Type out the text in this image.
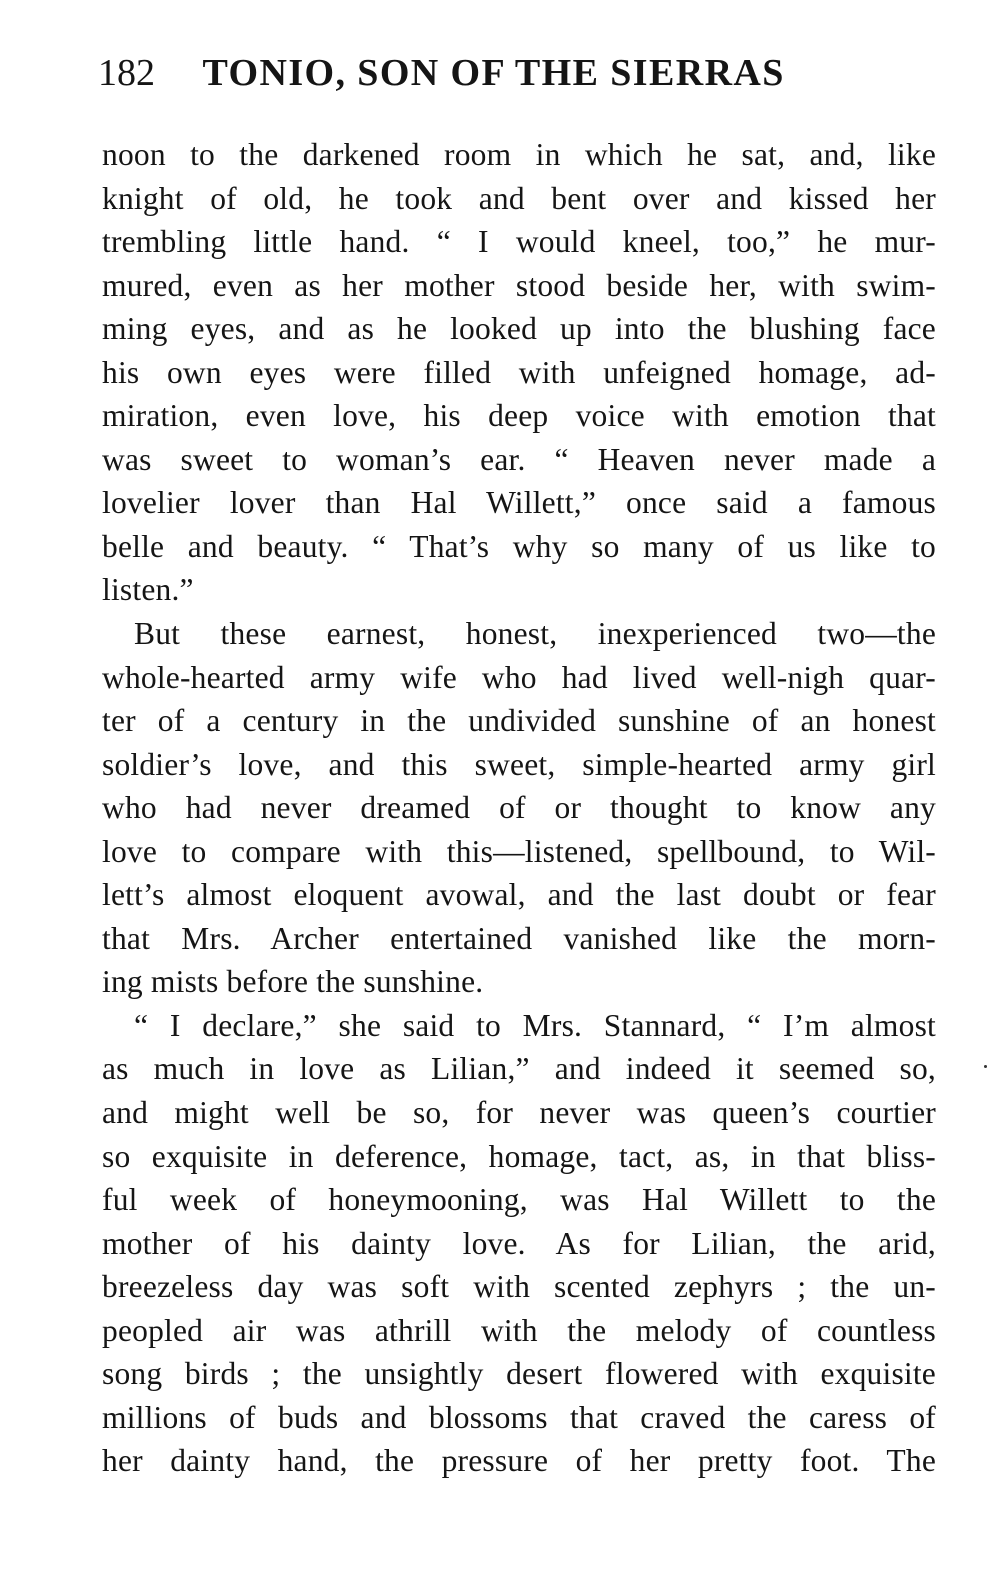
182 TONIO, SON OF THE SIERRAS
noon to the darkened room in which he sat, and, like
knight of old, he took and bent over and kissed her
trembling little hand. “ I would kneel, too,” he mur-
mured, even as her mother stood beside her, with swim-
ming eyes, and as he looked up into the blushing face
his own eyes were filled with unfeigned homage, ad-
miration, even love, his deep voice with emotion that
was sweet to woman’s ear. “ Heaven never made a
lovelier lover than Hal Willett,” once said a famous
belle and beauty. “ That’s why so many of us like to
listen.”
But these earnest, honest, inexperienced two—the
whole-hearted army wife who had lived well-nigh quar-
ter of a century in the undivided sunshine of an honest
soldier’s love, and this sweet, simple-hearted army girl
who had never dreamed of or thought to know any
love to compare with this—listened, spellbound, to Wil-
lett’s almost eloquent avowal, and the last doubt or fear
that Mrs. Archer entertained vanished like the morn-
ing mists before the sunshine.
“ I declare,” she said to Mrs. Stannard, “ I’m almost
as much in love as Lilian,” and indeed it seemed so,
and might well be so, for never was queen’s courtier
so exquisite in deference, homage, tact, as, in that bliss-
ful week of honeymooning, was Hal Willett to the
mother of his dainty love. As for Lilian, the arid,
breezeless day was soft with scented zephyrs ; the un-
peopled air was athrill with the melody of countless
song birds ; the unsightly desert flowered with exquisite
millions of buds and blossoms that craved the caress of
her dainty hand, the pressure of her pretty foot. The
